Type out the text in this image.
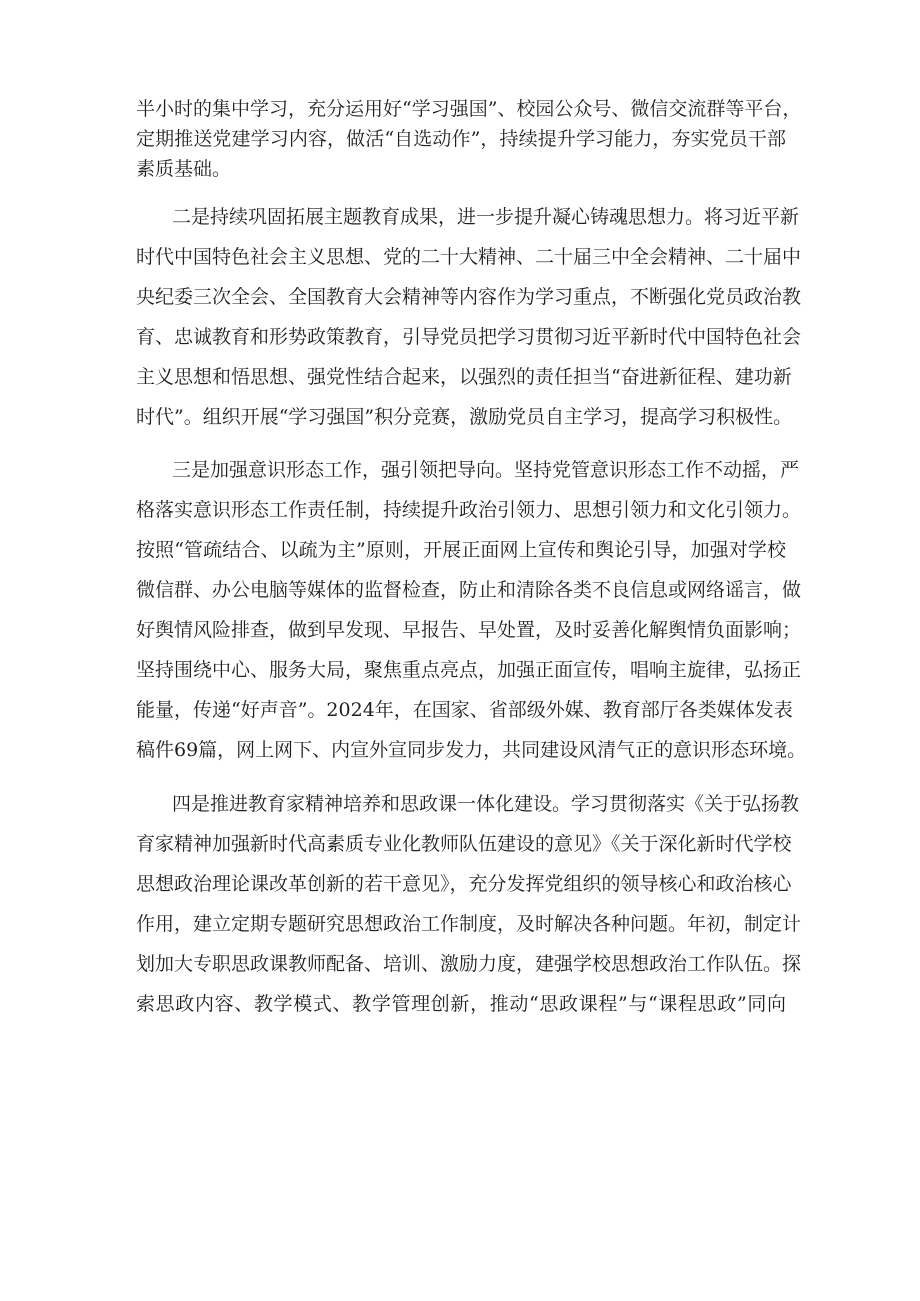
半小时的集中学习，充分运用好“学习强国”、校园公众号、微信交流群等平台，
定期推送党建学习内容，做活“自选动作”，持续提升学习能力，夯实党员干部
素质基础。
二是持续巩固拓展主题教育成果，进一步提升凝心铸魂思想力。将习近平新
时代中国特色社会主义思想、党的二十大精神、二十届三中全会精神、二十届中
央纪委三次全会、全国教育大会精神等内容作为学习重点，不断强化党员政治教
育、忠诚教育和形势政策教育，引导党员把学习贯彻习近平新时代中国特色社会
主义思想和悟思想、强党性结合起来，以强烈的责任担当“奋进新征程、建功新
时代”。组织开展“学习强国”积分竞赛，激励党员自主学习，提高学习积极性。
三是加强意识形态工作，强引领把导向。坚持党管意识形态工作不动摇，严
格落实意识形态工作责任制，持续提升政治引领力、思想引领力和文化引领力。
按照“管疏结合、以疏为主”原则，开展正面网上宣传和舆论引导，加强对学校
微信群、办公电脑等媒体的监督检查，防止和清除各类不良信息或网络谣言，做
好舆情风险排查，做到早发现、早报告、早处置，及时妥善化解舆情负面影响；
坚持围绕中心、服务大局，聚焦重点亮点，加强正面宣传，唱响主旋律，弘扬正
能量，传递“好声音”。2024年，在国家、省部级外媒、教育部厅各类媒体发表
稿件69篇，网上网下、内宣外宣同步发力，共同建设风清气正的意识形态环境。
四是推进教育家精神培养和思政课一体化建设。学习贯彻落实《关于弘扬教
育家精神加强新时代高素质专业化教师队伍建设的意见》《关于深化新时代学校
思想政治理论课改革创新的若干意见》，充分发挥党组织的领导核心和政治核心
作用，建立定期专题研究思想政治工作制度，及时解决各种问题。年初，制定计
划加大专职思政课教师配备、培训、激励力度，建强学校思想政治工作队伍。探
索思政内容、教学模式、教学管理创新，推动“思政课程”与“课程思政”同向
